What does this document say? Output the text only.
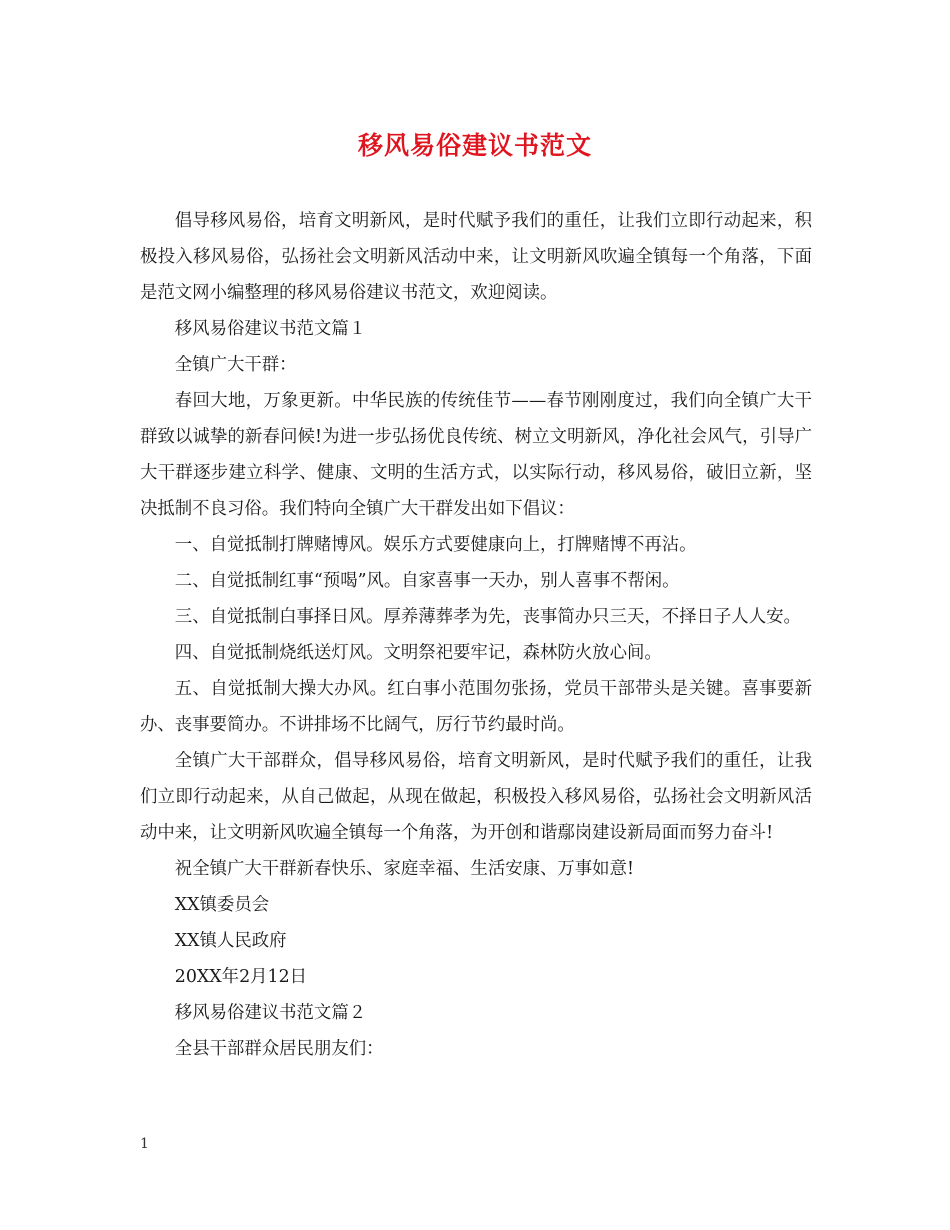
移风易俗建议书范文

倡导移风易俗，培育文明新风，是时代赋予我们的重任，让我们立即行动起来，积极投入移风易俗，弘扬社会文明新风活动中来，让文明新风吹遍全镇每一个角落，下面是范文网小编整理的移风易俗建议书范文，欢迎阅读。

移风易俗建议书范文篇１

全镇广大干群：

春回大地，万象更新。中华民族的传统佳节——春节刚刚度过，我们向全镇广大干群致以诚挚的新春问候!为进一步弘扬优良传统、树立文明新风，净化社会风气，引导广大干群逐步建立科学、健康、文明的生活方式，以实际行动，移风易俗，破旧立新，坚决抵制不良习俗。我们特向全镇广大干群发出如下倡议：

一、自觉抵制打牌赌博风。娱乐方式要健康向上，打牌赌博不再沾。

二、自觉抵制红事“预喝”风。自家喜事一天办，别人喜事不帮闲。

三、自觉抵制白事择日风。厚养薄葬孝为先，丧事简办只三天，不择日子人人安。

四、自觉抵制烧纸送灯风。文明祭祀要牢记，森林防火放心间。

五、自觉抵制大操大办风。红白事小范围勿张扬，党员干部带头是关键。喜事要新办、丧事要简办。不讲排场不比阔气，厉行节约最时尚。

全镇广大干部群众，倡导移风易俗，培育文明新风，是时代赋予我们的重任，让我们立即行动起来，从自己做起，从现在做起，积极投入移风易俗，弘扬社会文明新风活动中来，让文明新风吹遍全镇每一个角落，为开创和谐鄢岗建设新局面而努力奋斗!

祝全镇广大干群新春快乐、家庭幸福、生活安康、万事如意!

XX镇委员会

XX镇人民政府

20XX年2月12日

移风易俗建议书范文篇２

全县干部群众居民朋友们：

1
